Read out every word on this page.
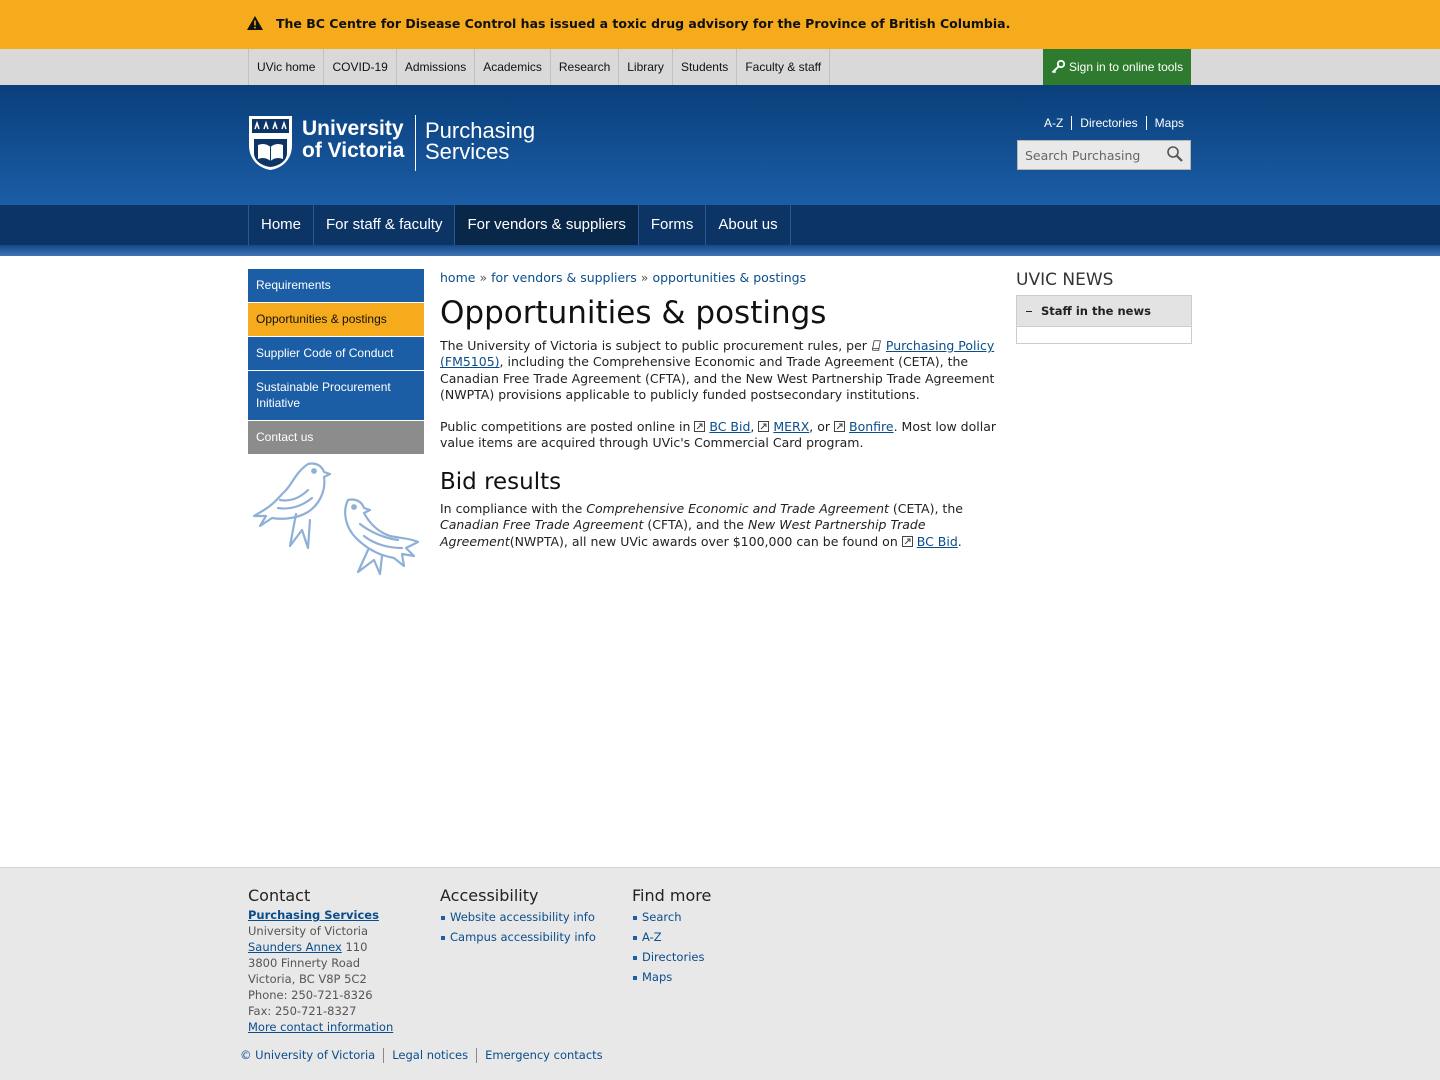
The BC Centre for Disease Control has issued a toxic drug advisory for the Province of British Columbia.
UVic home	COVID-19	Admissions	Academics	Research	Library	Students	Faculty & staff	Sign in to online tools
University
of Victoria
Purchasing
Services
A-Z	Directories	Maps
Search Purchasing
Home	For staff & faculty	For vendors & suppliers	Forms	About us
Requirements
Opportunities & postings
Supplier Code of Conduct
Sustainable Procurement Initiative
Contact us
home » for vendors & suppliers » opportunities & postings
Opportunities & postings

The University of Victoria is subject to public procurement rules, per Purchasing Policy (FM5105), including the Comprehensive Economic and Trade Agreement (CETA), the Canadian Free Trade Agreement (CFTA), and the New West Partnership Trade Agreement (NWPTA) provisions applicable to publicly funded postsecondary institutions.

Public competitions are posted online in BC Bid, MERX, or Bonfire. Most low dollar value items are acquired through UVic's Commercial Card program.

Bid results

In compliance with the Comprehensive Economic and Trade Agreement (CETA), the Canadian Free Trade Agreement (CFTA), and the New West Partnership Trade Agreement(NWPTA), all new UVic awards over $100,000 can be found on BC Bid.

UVIC NEWS
Staff in the news
Contact
Purchasing Services
University of Victoria
Saunders Annex 110
3800 Finnerty Road
Victoria, BC V8P 5C2
Phone: 250-721-8326
Fax: 250-721-8327
More contact information
Accessibility
Website accessibility info
Campus accessibility info
Find more
Search
A-Z
Directories
Maps
© University of Victoria	Legal notices	Emergency contacts
